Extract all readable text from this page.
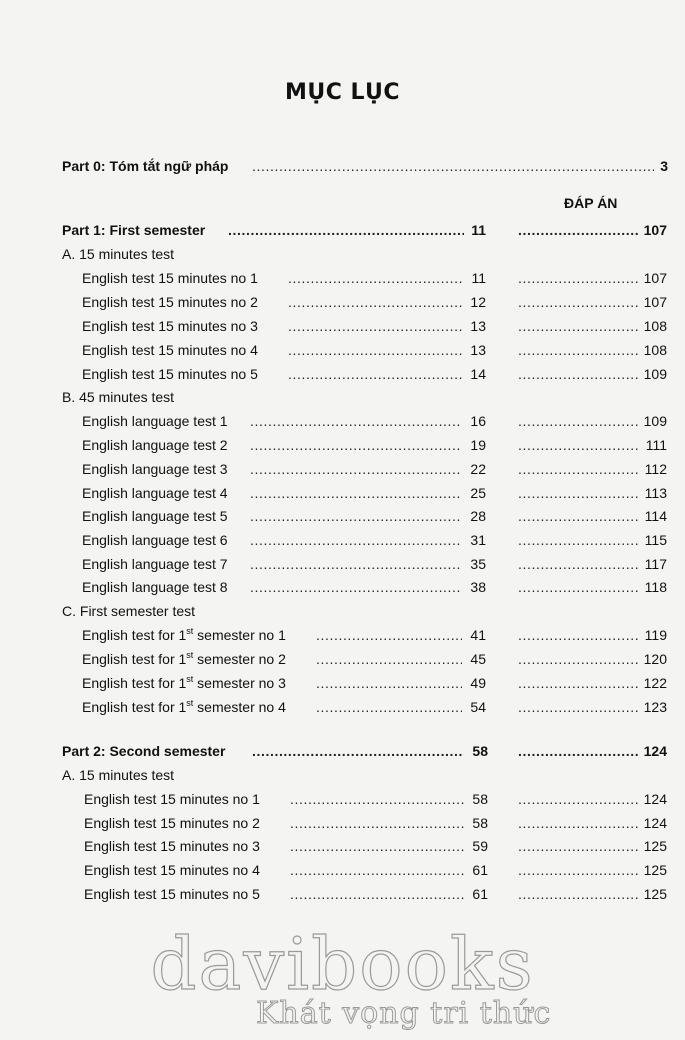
MỤC LỤC
Part 0: Tóm tắt ngữ pháp .....	3
ĐÁP ÁN
Part 1: First semester .....	11 .....	107
A. 15 minutes test
English test 15 minutes no 1 .....	11 .....	107
English test 15 minutes no 2 .....	12 .....	107
English test 15 minutes no 3 .....	13 .....	108
English test 15 minutes no 4 .....	13 .....	108
English test 15 minutes no 5 .....	14 .....	109
B. 45 minutes test
English language test 1 .....	16 .....	109
English language test 2 .....	19 .....	111
English language test 3 .....	22 .....	112
English language test 4 .....	25 .....	113
English language test 5 .....	28 .....	114
English language test 6 .....	31 .....	115
English language test 7 .....	35 .....	117
English language test 8 .....	38 .....	118
C. First semester test
English test for 1st semester no 1 .....	41 .....	119
English test for 1st semester no 2 .....	45 .....	120
English test for 1st semester no 3 .....	49 .....	122
English test for 1st semester no 4 .....	54 .....	123
Part 2: Second semester .....	58 .....	124
A. 15 minutes test
English test 15 minutes no 1 .....	58 .....	124
English test 15 minutes no 2 .....	58 .....	124
English test 15 minutes no 3 .....	59 .....	125
English test 15 minutes no 4 .....	61 .....	125
English test 15 minutes no 5 .....	61 .....	125
davibooks
Khát vọng tri thức
